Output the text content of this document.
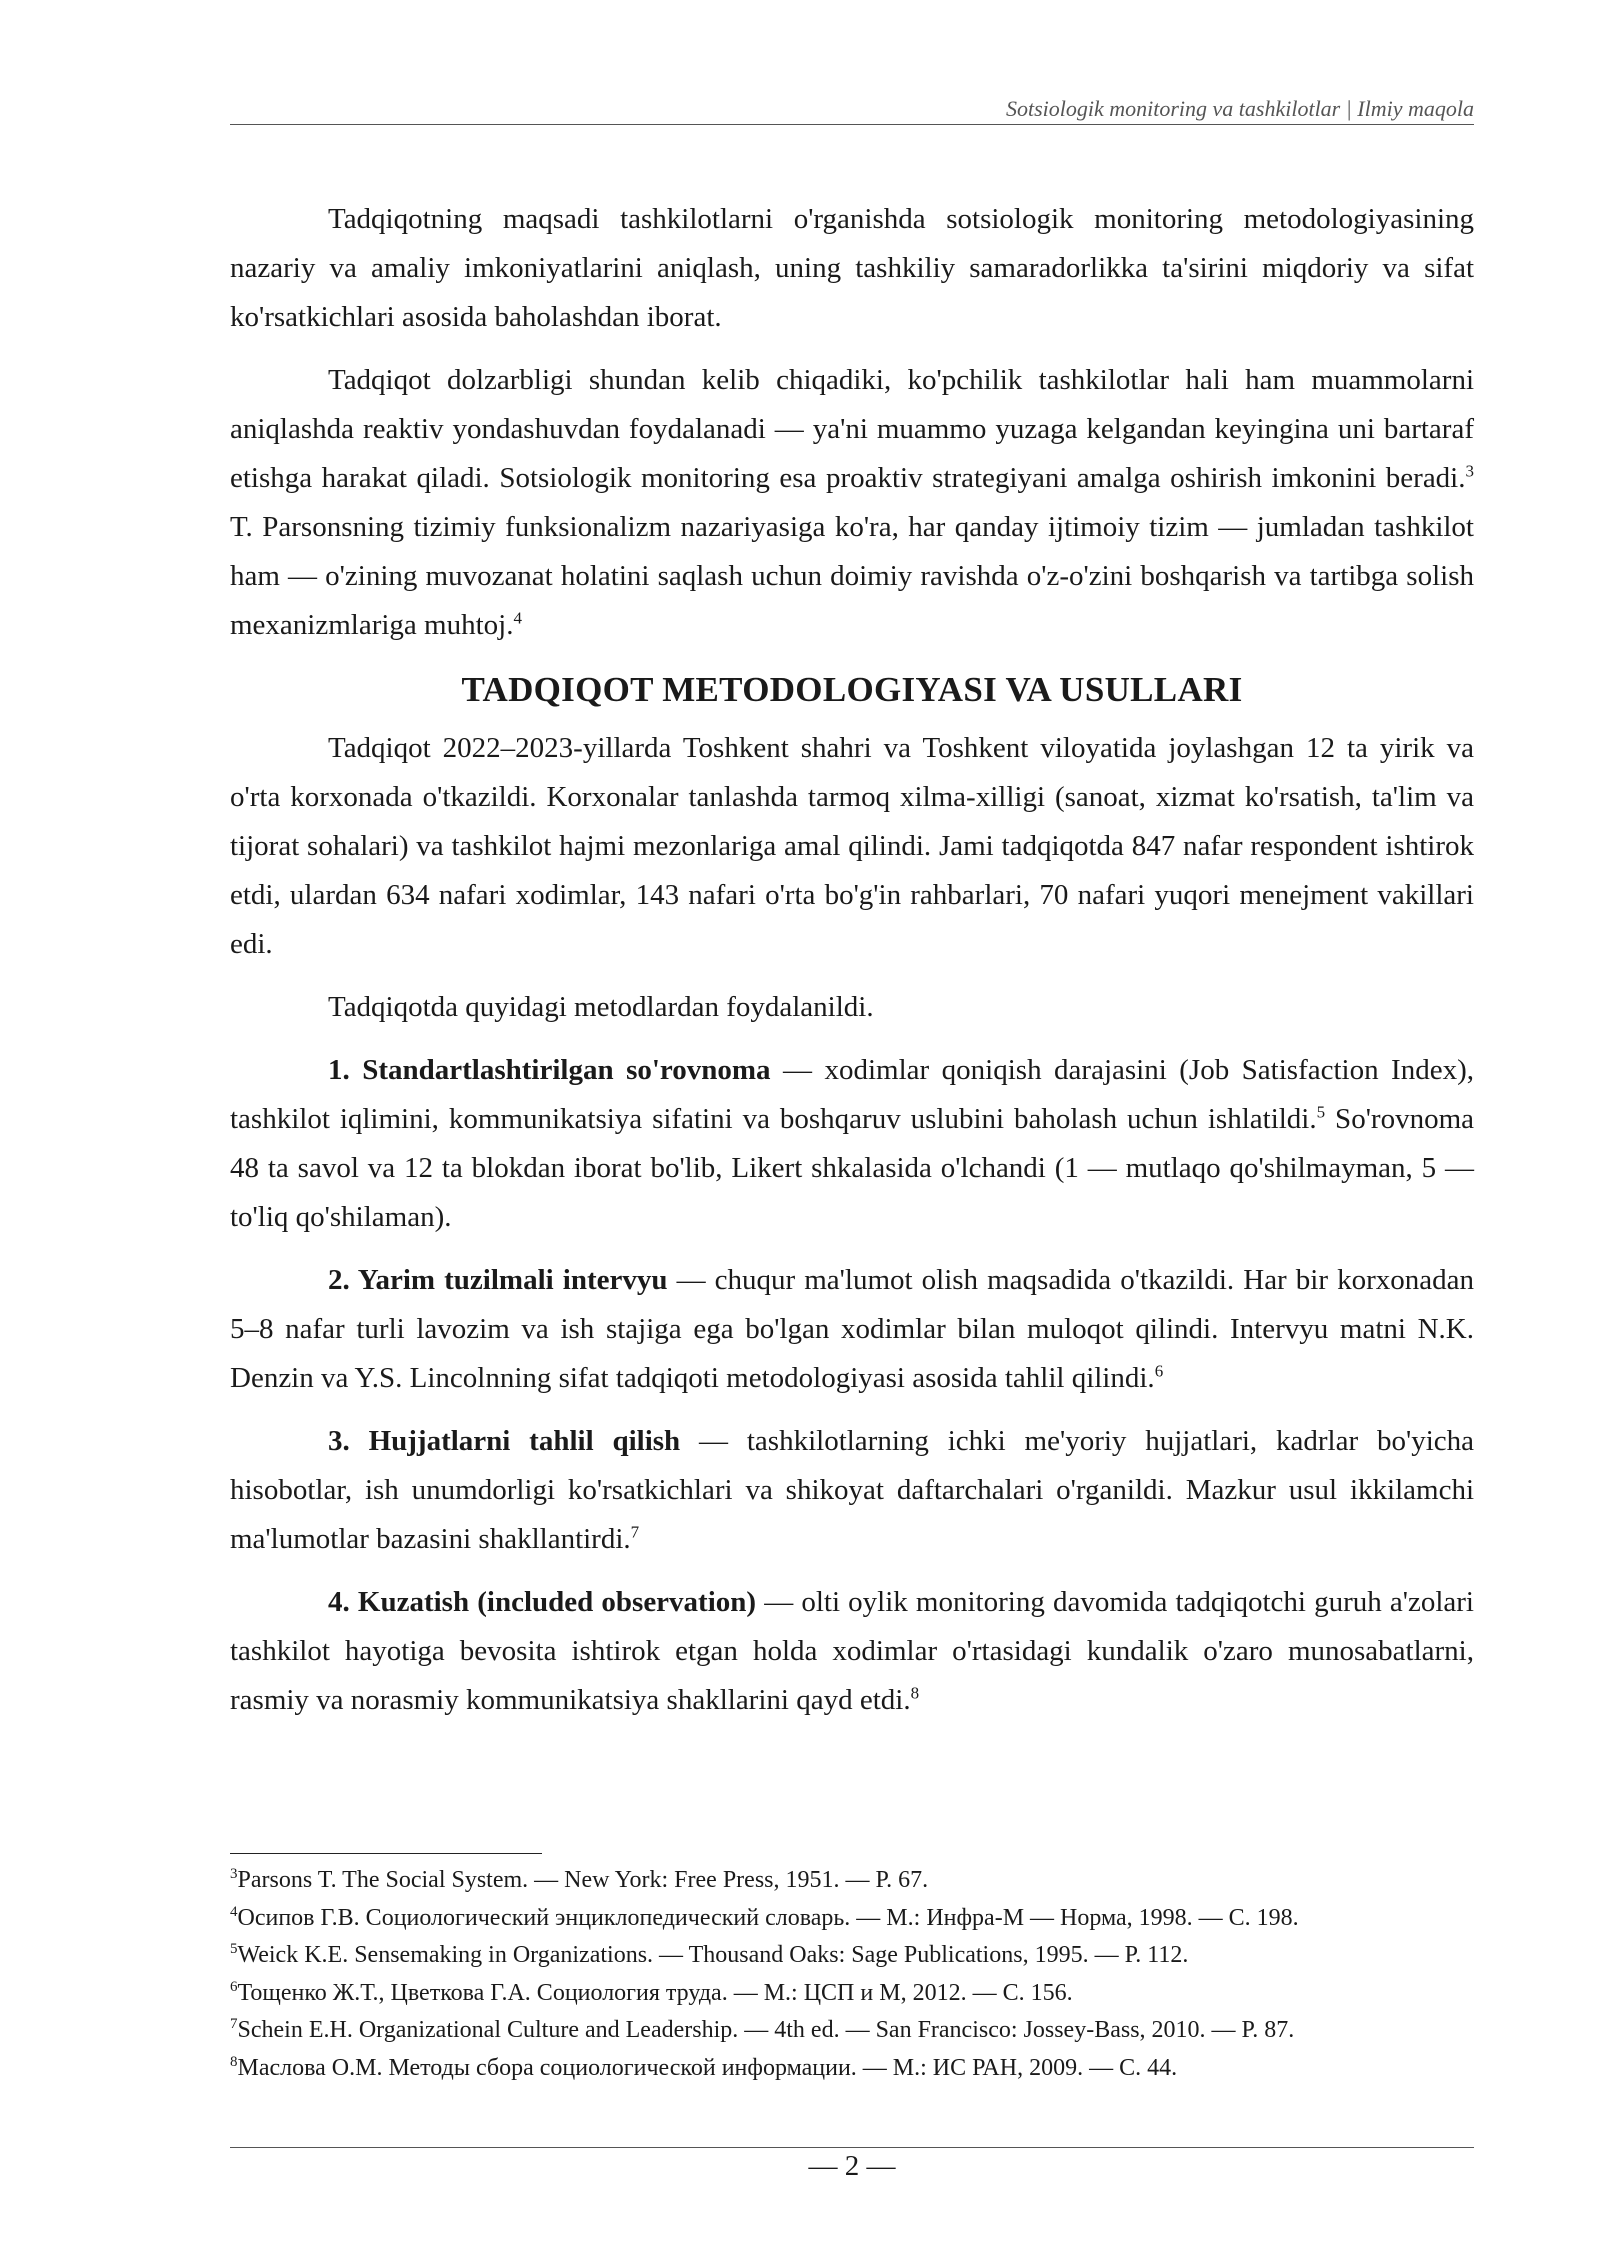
Sotsiologik monitoring va tashkilotlar | Ilmiy maqola

Tadqiqotning maqsadi tashkilotlarni o'rganishda sotsiologik monitoring metodologiyasining nazariy va amaliy imkoniyatlarini aniqlash, uning tashkiliy samaradorlikka ta'sirini miqdoriy va sifat ko'rsatkichlari asosida baholashdan iborat.

Tadqiqot dolzarbligi shundan kelib chiqadiki, ko'pchilik tashkilotlar hali ham muammolarni aniqlashda reaktiv yondashuvdan foydalanadi — ya'ni muammo yuzaga kelgandan keyingina uni bartaraf etishga harakat qiladi. Sotsiologik monitoring esa proaktiv strategiyani amalga oshirish imkonini beradi.$^3$ T. Parsonsning tizimiy funksionalizm nazariyasiga ko'ra, har qanday ijtimoiy tizim — jumladan tashkilot ham — o'zining muvozanat holatini saqlash uchun doimiy ravishda o'z-o'zini boshqarish va tartibga solish mexanizmlariga muhtoj.$^4$

TADQIQOT METODOLOGIYASI VA USULLARI

Tadqiqot 2022–2023-yillarda Toshkent shahri va Toshkent viloyatida joylashgan 12 ta yirik va o'rta korxonada o'tkazildi. Korxonalar tanlashda tarmoq xilma-xilligi (sanoat, xizmat ko'rsatish, ta'lim va tijorat sohalari) va tashkilot hajmi mezonlariga amal qilindi. Jami tadqiqotda 847 nafar respondent ishtirok etdi, ulardan 634 nafari xodimlar, 143 nafari o'rta bo'g'in rahbarlari, 70 nafari yuqori menejment vakillari edi.

Tadqiqotda quyidagi metodlardan foydalanildi.

1. Standartlashtirilgan so'rovnoma — xodimlar qoniqish darajasini (Job Satisfaction Index), tashkilot iqlimini, kommunikatsiya sifatini va boshqaruv uslubini baholash uchun ishlatildi.$^5$ So'rovnoma 48 ta savol va 12 ta blokdan iborat bo'lib, Likert shkalasida o'lchandi (1 — mutlaqo qo'shilmayman, 5 — to'liq qo'shilaman).

2. Yarim tuzilmali intervyu — chuqur ma'lumot olish maqsadida o'tkazildi. Har bir korxonadan 5–8 nafar turli lavozim va ish stajiga ega bo'lgan xodimlar bilan muloqot qilindi. Intervyu matni N.K. Denzin va Y.S. Lincolnning sifat tadqiqoti metodologiyasi asosida tahlil qilindi.$^6$

3. Hujjatlarni tahlil qilish — tashkilotlarning ichki me'yoriy hujjatlari, kadrlar bo'yicha hisobotlar, ish unumdorligi ko'rsatkichlari va shikoyat daftarchalari o'rganildi. Mazkur usul ikkilamchi ma'lumotlar bazasini shakllantirdi.$^7$

4. Kuzatish (included observation) — olti oylik monitoring davomida tadqiqotchi guruh a'zolari tashkilot hayotiga bevosita ishtirok etgan holda xodimlar o'rtasidagi kundalik o'zaro munosabatlarni, rasmiy va norasmiy kommunikatsiya shakllarini qayd etdi.$^8$

$^3$Parsons T. The Social System. — New York: Free Press, 1951. — P. 67.
$^4$Осипов Г.В. Социологический энциклопедический словарь. — М.: Инфра-М — Норма, 1998. — С. 198.
$^5$Weick K.E. Sensemaking in Organizations. — Thousand Oaks: Sage Publications, 1995. — P. 112.
$^6$Тощенко Ж.Т., Цветкова Г.А. Социология труда. — М.: ЦСП и М, 2012. — С. 156.
$^7$Schein E.H. Organizational Culture and Leadership. — 4th ed. — San Francisco: Jossey-Bass, 2010. — P. 87.
$^8$Маслова О.М. Методы сбора социологической информации. — М.: ИС РАН, 2009. — С. 44.
— 2 —
